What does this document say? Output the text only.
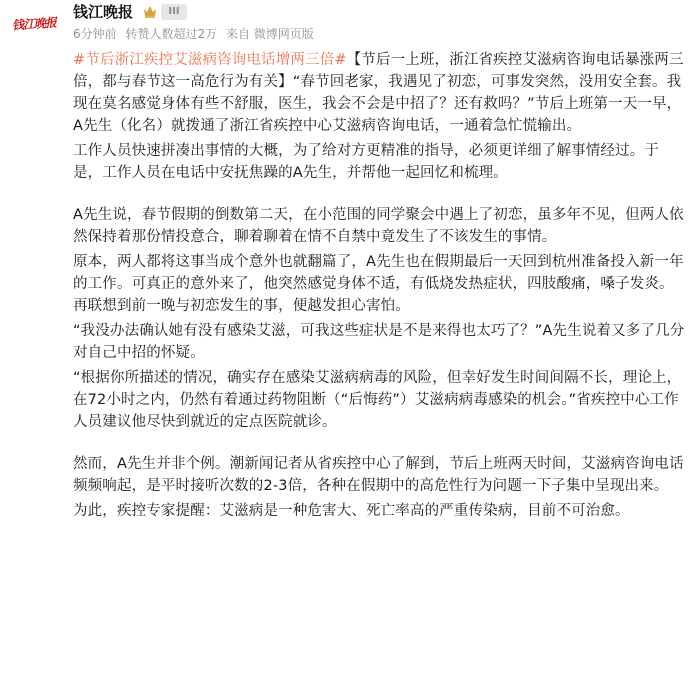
钱江晚报
钱江晚报	III
6分钟前 转赞人数超过2万 来自 微博网页版

#节后浙江疾控艾滋病咨询电话增两三倍#【节后一上班，浙江省疾控艾滋病咨询电话暴涨两三倍，都与春节这一高危行为有关】“春节回老家，我遇见了初恋，可事发突然，没用安全套。我现在莫名感觉身体有些不舒服，医生，我会不会是中招了？还有救吗？”节后上班第一天一早，A先生（化名）就拨通了浙江省疾控中心艾滋病咨询电话，一通着急忙慌输出。

工作人员快速拼凑出事情的大概，为了给对方更精准的指导，必须更详细了解事情经过。于是，工作人员在电话中安抚焦躁的A先生，并帮他一起回忆和梳理。

A先生说，春节假期的倒数第二天，在小范围的同学聚会中遇上了初恋，虽多年不见，但两人依然保持着那份情投意合，聊着聊着在情不自禁中竟发生了不该发生的事情。

原本，两人都将这事当成个意外也就翻篇了，A先生也在假期最后一天回到杭州准备投入新一年的工作。可真正的意外来了，他突然感觉身体不适，有低烧发热症状，四肢酸痛，嗓子发炎。再联想到前一晚与初恋发生的事，便越发担心害怕。

“我没办法确认她有没有感染艾滋，可我这些症状是不是来得也太巧了？”A先生说着又多了几分对自己中招的怀疑。

“根据你所描述的情况，确实存在感染艾滋病病毒的风险，但幸好发生时间间隔不长，理论上，在72小时之内，仍然有着通过药物阻断（“后悔药”）艾滋病病毒感染的机会。”省疾控中心工作人员建议他尽快到就近的定点医院就诊。

然而，A先生并非个例。潮新闻记者从省疾控中心了解到，节后上班两天时间，艾滋病咨询电话频频响起，是平时接听次数的2-3倍，各种在假期中的高危性行为问题一下子集中呈现出来。

为此，疾控专家提醒：艾滋病是一种危害大、死亡率高的严重传染病，目前不可治愈。
